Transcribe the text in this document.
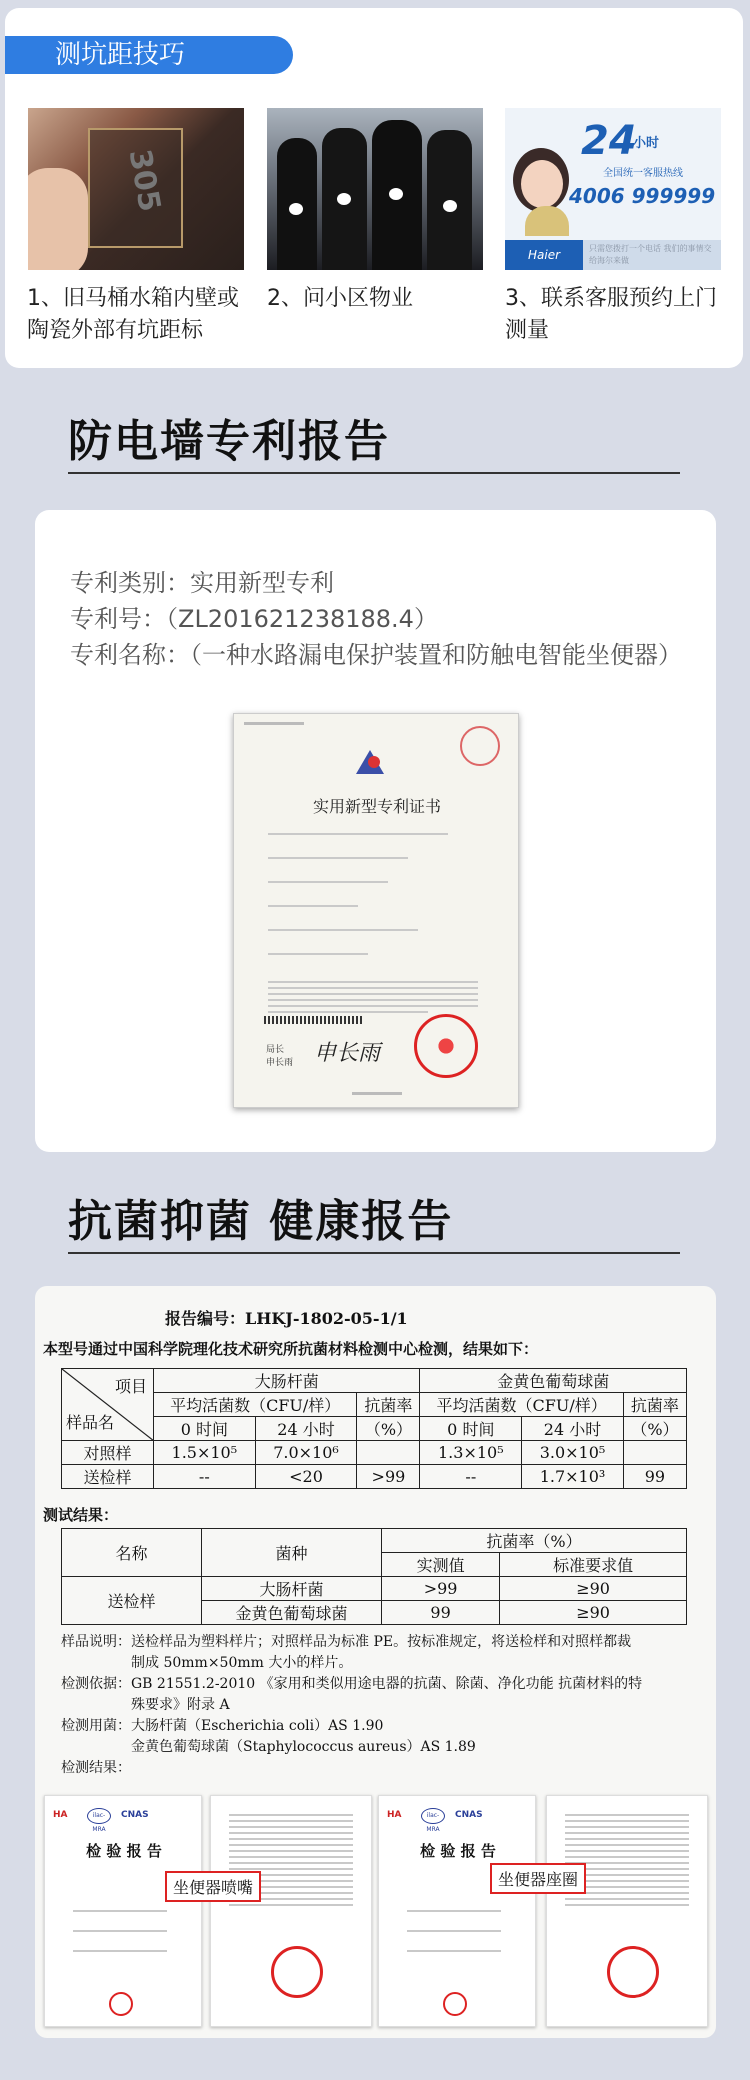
测坑距技巧
305
24
小时
全国统一客服热线
4006 999999
Haier	只需您拨打一个电话 我们的事情交给海尔来做
1、旧马桶水箱内壁或陶瓷外部有坑距标
2、问小区物业	3、联系客服预约上门测量
防电墙专利报告
专利类别：实用新型专利
专利号：（ZL201621238188.4）
专利名称：（一种水路漏电保护装置和防触电智能坐便器）
实用新型专利证书
局长
申长雨 申长雨
抗菌抑菌 健康报告
报告编号：LHKJ-1802-05-1/1
本型号通过中国科学院理化技术研究所抗菌材料检测中心检测，结果如下：
项目
样品名	大肠杆菌			金黄色葡萄球菌		
	平均活菌数（CFU/样）		抗菌率	平均活菌数（CFU/样）		抗菌率
	0 时间	24 小时	（%）	0 时间	24 小时	（%）
对照样	1.5×10⁵	7.0×10⁶		1.3×10⁵	3.0×10⁵	
送检样	--	<20	>99	--	1.7×10³	99
测试结果：
名称	菌种	抗菌率（%）	
		实测值	标准要求值
送检样	大肠杆菌	>99	≥90
	金黄色葡萄球菌	99	≥90
样品说明：送检样品为塑料样片；对照样品为标准 PE。按标准规定，将送检样和对照样都裁
　　　　　制成 50mm×50mm 大小的样片。
检测依据：GB 21551.2-2010 《家用和类似用途电器的抗菌、除菌、净化功能 抗菌材料的特
　　　　　殊要求》附录 A
检测用菌：大肠杆菌（Escherichia coli）AS 1.90
　　　　　金黄色葡萄球菌（Staphylococcus aureus）AS 1.89
检测结果：
HA	ilac-MRA
CNAS
检 验 报 告
坐便器喷嘴
HA	ilac-MRA
CNAS
检 验 报 告
坐便器座圈
